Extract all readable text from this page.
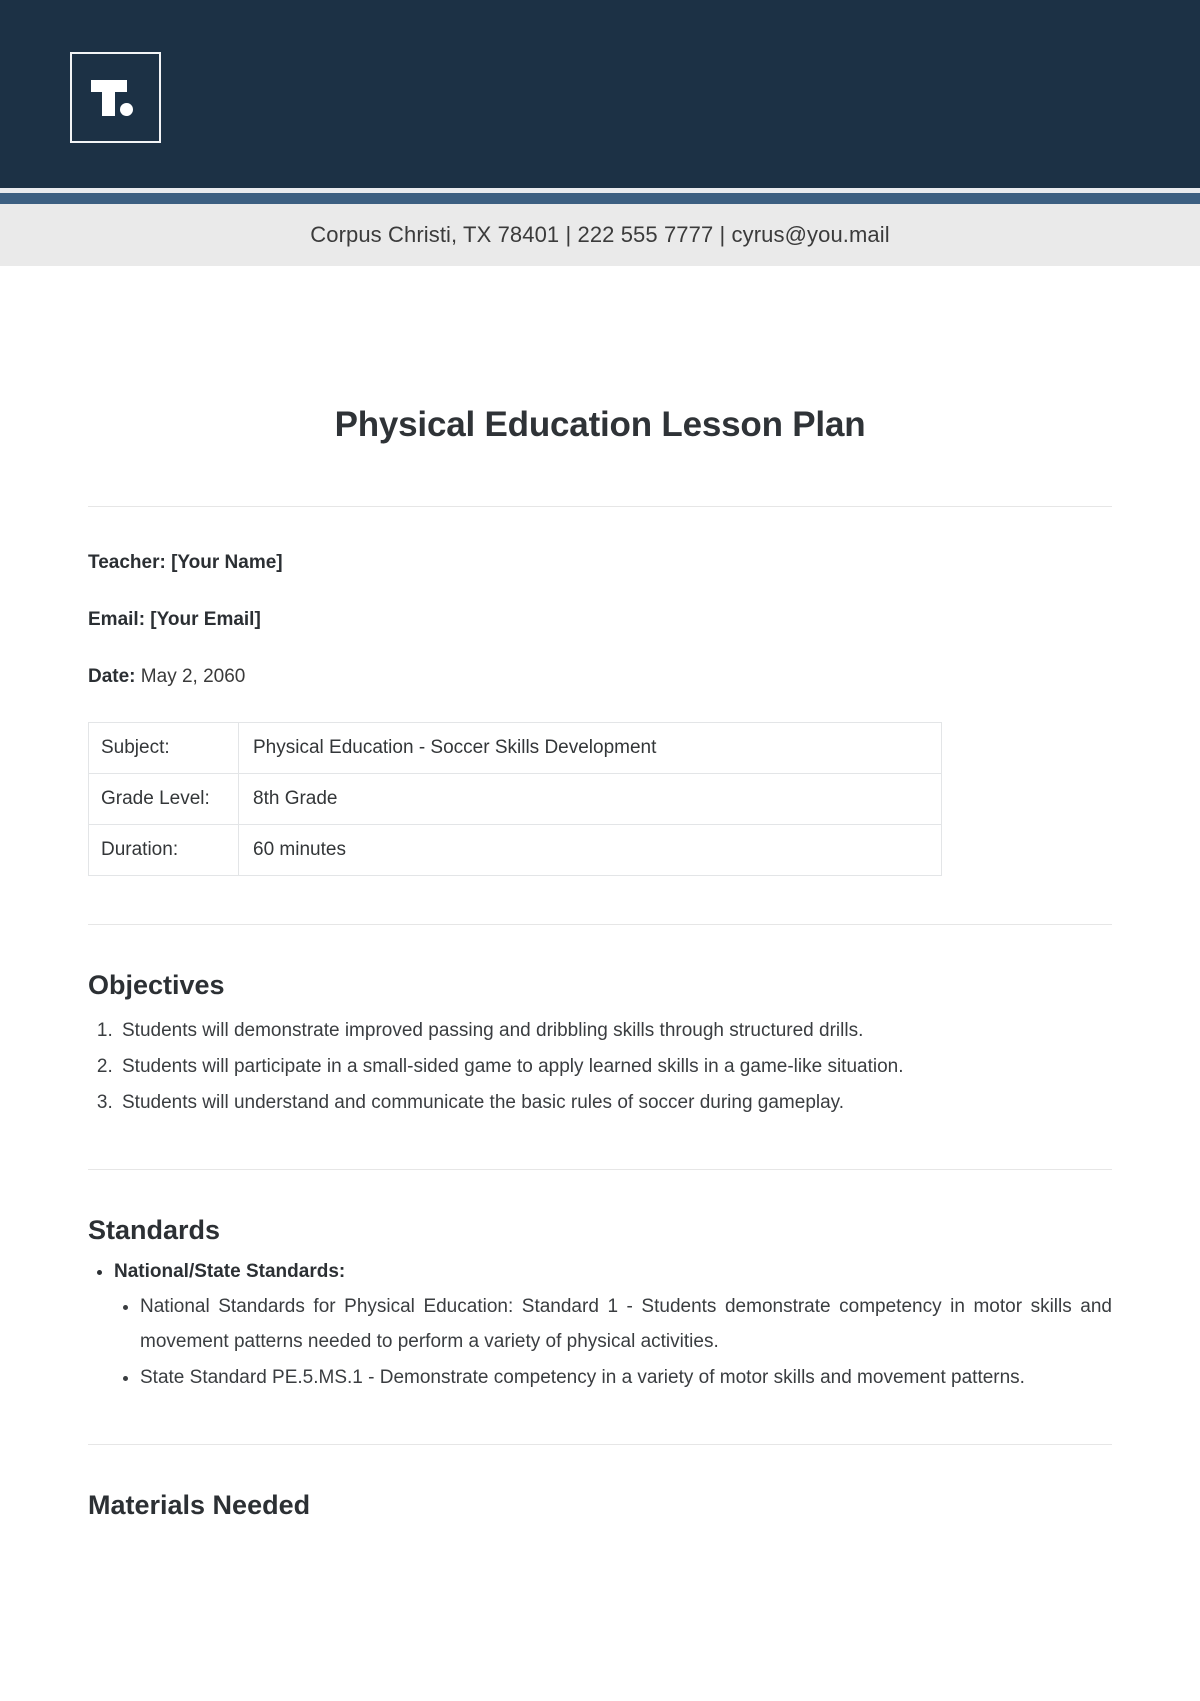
Corpus Christi, TX 78401 | 222 555 7777 | cyrus@you.mail
Physical Education Lesson Plan

Teacher: [Your Name]

Email: [Your Email]

Date: May 2, 2060

Subject:	Physical Education - Soccer Skills Development
Grade Level:	8th Grade
Duration:	60 minutes
Objectives
1. Students will demonstrate improved passing and dribbling skills through structured drills.
2. Students will participate in a small-sided game to apply learned skills in a game-like situation.
3. Students will understand and communicate the basic rules of soccer during gameplay.
Standards
• National/State Standards:
• National Standards for Physical Education: Standard 1 - Students demonstrate competency in motor skills and movement patterns needed to perform a variety of physical activities.
• State Standard PE.5.MS.1 - Demonstrate competency in a variety of motor skills and movement patterns.
Materials Needed
